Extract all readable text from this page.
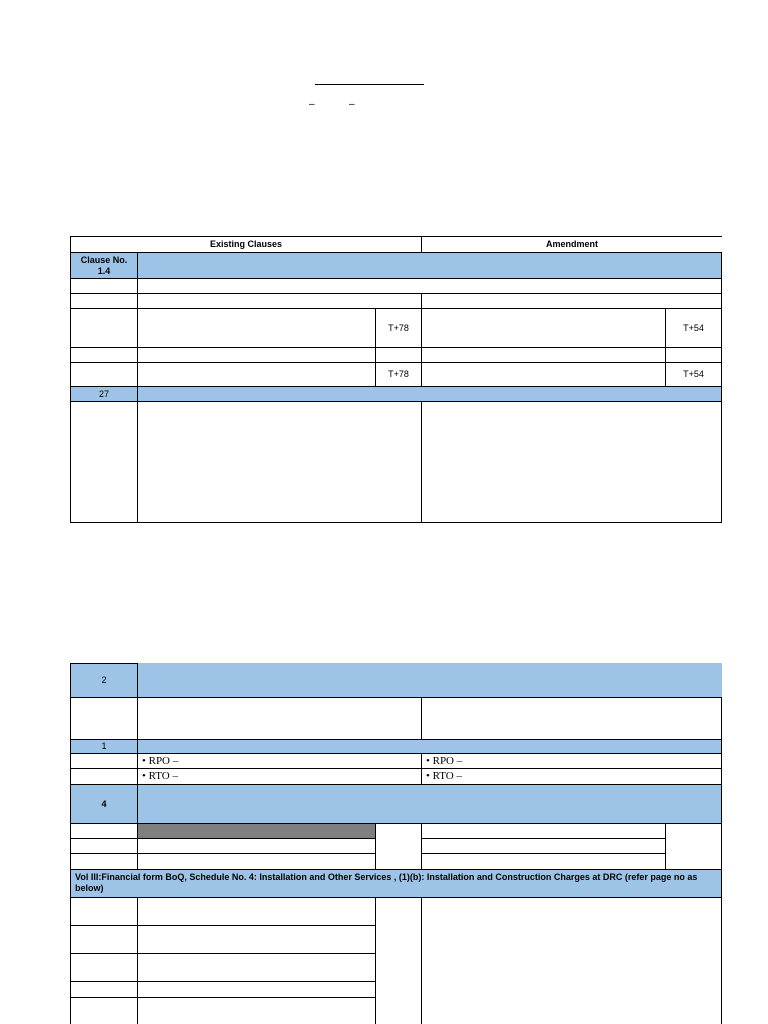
–	–
Existing Clauses	Amendment
Clause No.
1.4
T+78	T+54
T+78	T+54
27
2
1
• RPO –	• RPO –
• RTO –	• RTO –
4
Vol III:Financial form BoQ, Schedule No. 4: Installation and Other Services , (1)(b): Installation and Construction Charges at DRC (refer page no as below)
